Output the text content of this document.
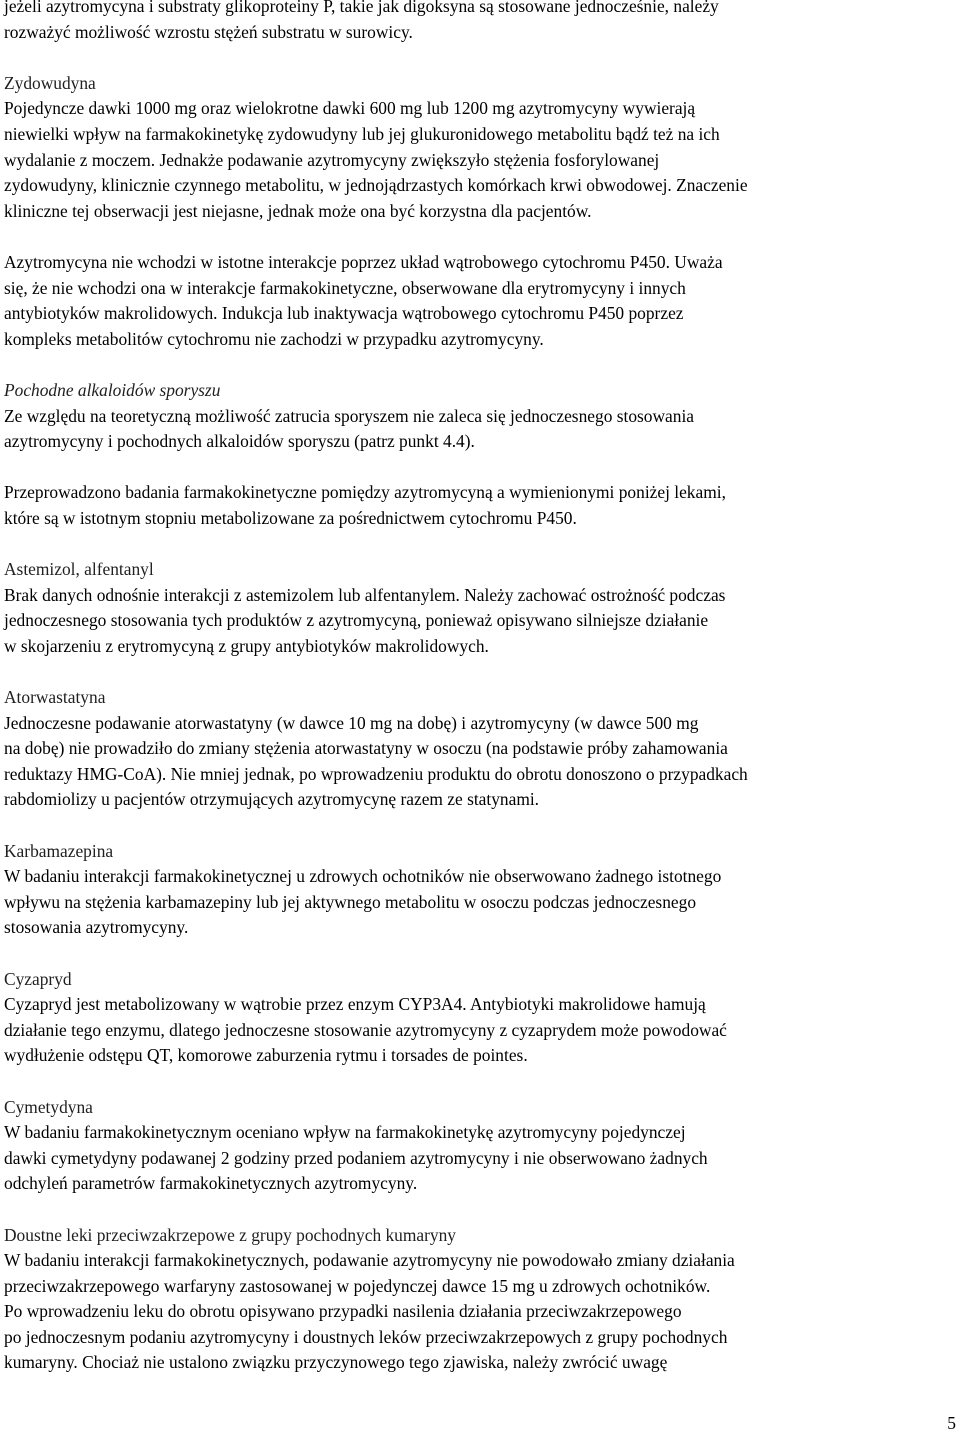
jeżeli azytromycyna i substraty glikoproteiny P, takie jak digoksyna są stosowane jednocześnie, należy
rozważyć możliwość wzrostu stężeń substratu w surowicy.
Zydowudyna
Pojedyncze dawki 1000 mg oraz wielokrotne dawki 600 mg lub 1200 mg azytromycyny wywierają
niewielki wpływ na farmakokinetykę zydowudyny lub jej glukuronidowego metabolitu bądź też na ich
wydalanie z moczem. Jednakże podawanie azytromycyny zwiększyło stężenia fosforylowanej
zydowudyny, klinicznie czynnego metabolitu, w jednojądrzastych komórkach krwi obwodowej. Znaczenie
kliniczne tej obserwacji jest niejasne, jednak może ona być korzystna dla pacjentów.
Azytromycyna nie wchodzi w istotne interakcje poprzez układ wątrobowego cytochromu P450. Uważa
się, że nie wchodzi ona w interakcje farmakokinetyczne, obserwowane dla erytromycyny i innych
antybiotyków makrolidowych. Indukcja lub inaktywacja wątrobowego cytochromu P450 poprzez
kompleks metabolitów cytochromu nie zachodzi w przypadku azytromycyny.
Pochodne alkaloidów sporyszu
Ze względu na teoretyczną możliwość zatrucia sporyszem nie zaleca się jednoczesnego stosowania
azytromycyny i pochodnych alkaloidów sporyszu (patrz punkt 4.4).
Przeprowadzono badania farmakokinetyczne pomiędzy azytromycyną a wymienionymi poniżej lekami,
które są w istotnym stopniu metabolizowane za pośrednictwem cytochromu P450.
Astemizol, alfentanyl
Brak danych odnośnie interakcji z astemizolem lub alfentanylem. Należy zachować ostrożność podczas
jednoczesnego stosowania tych produktów z azytromycyną, ponieważ opisywano silniejsze działanie
w skojarzeniu z erytromycyną z grupy antybiotyków makrolidowych.
Atorwastatyna
Jednoczesne podawanie atorwastatyny (w dawce 10 mg na dobę) i azytromycyny (w dawce 500 mg
na dobę) nie prowadziło do zmiany stężenia atorwastatyny w osoczu (na podstawie próby zahamowania
reduktazy HMG-CoA). Nie mniej jednak, po wprowadzeniu produktu do obrotu donoszono o przypadkach
rabdomiolizy u pacjentów otrzymujących azytromycynę razem ze statynami.
Karbamazepina
W badaniu interakcji farmakokinetycznej u zdrowych ochotników nie obserwowano żadnego istotnego
wpływu na stężenia karbamazepiny lub jej aktywnego metabolitu w osoczu podczas jednoczesnego
stosowania azytromycyny.
Cyzapryd
Cyzapryd jest metabolizowany w wątrobie przez enzym CYP3A4. Antybiotyki makrolidowe hamują
działanie tego enzymu, dlatego jednoczesne stosowanie azytromycyny z cyzaprydem może powodować
wydłużenie odstępu QT, komorowe zaburzenia rytmu i torsades de pointes.
Cymetydyna
W badaniu farmakokinetycznym oceniano wpływ na farmakokinetykę azytromycyny pojedynczej
dawki cymetydyny podawanej 2 godziny przed podaniem azytromycyny i nie obserwowano żadnych
odchyleń parametrów farmakokinetycznych azytromycyny.
Doustne leki przeciwzakrzepowe z grupy pochodnych kumaryny
W badaniu interakcji farmakokinetycznych, podawanie azytromycyny nie powodowało zmiany działania
przeciwzakrzepowego warfaryny zastosowanej w pojedynczej dawce 15 mg u zdrowych ochotników.
Po wprowadzeniu leku do obrotu opisywano przypadki nasilenia działania przeciwzakrzepowego
po jednoczesnym podaniu azytromycyny i doustnych leków przeciwzakrzepowych z grupy pochodnych
kumaryny. Chociaż nie ustalono związku przyczynowego tego zjawiska, należy zwrócić uwagę
5
